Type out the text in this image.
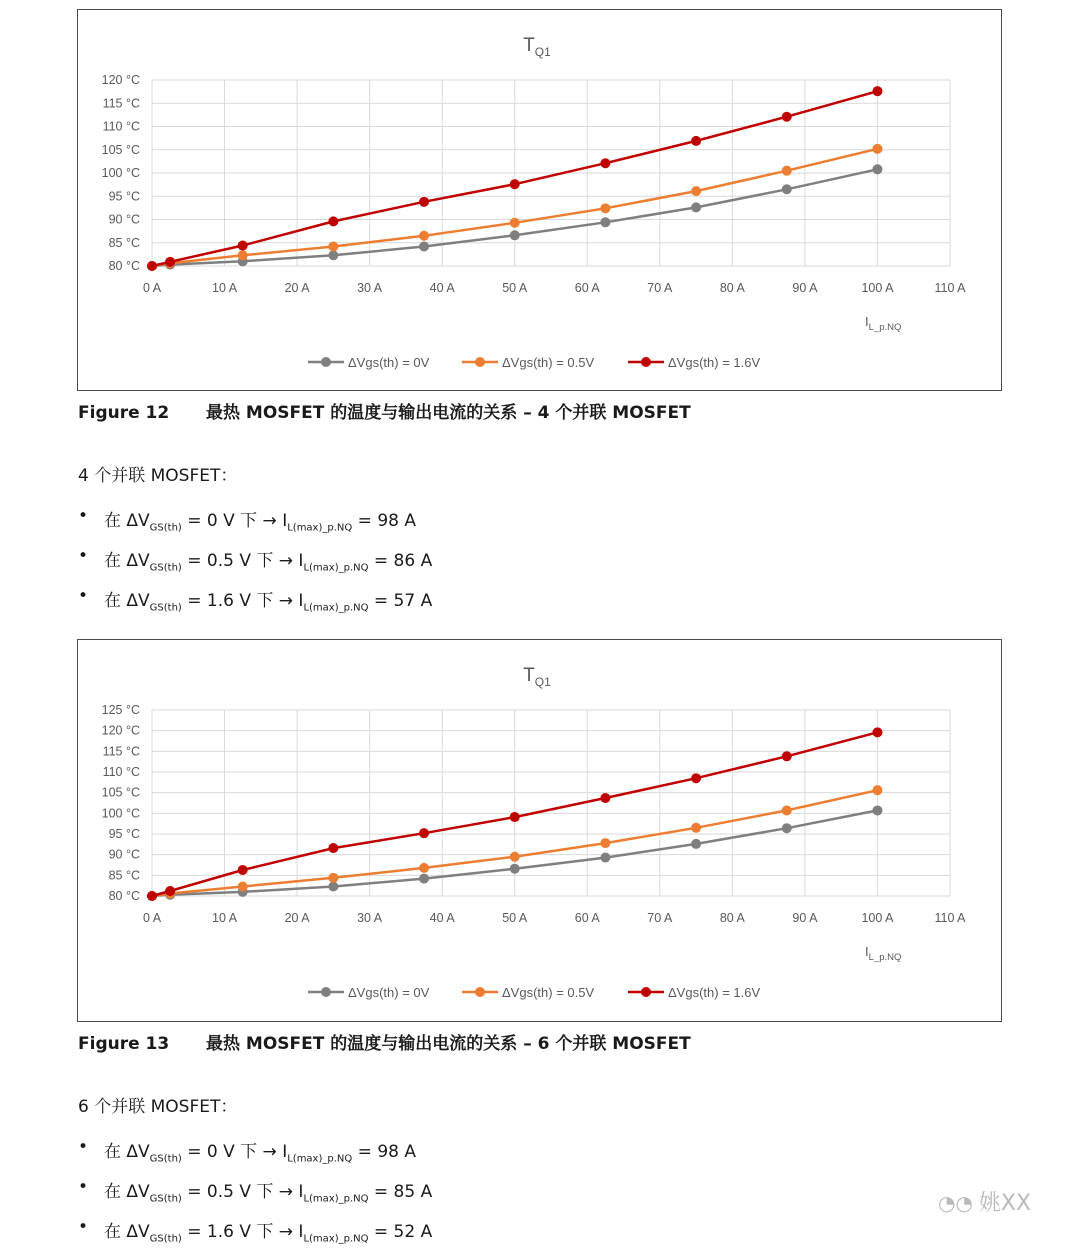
$T_{Q1}$
80 °C
85 °C
90 °C
95 °C
100 °C
105 °C
110 °C
115 °C
120 °C
0 A	10 A	20 A	30 A	40 A	50 A	60 A	70 A	80 A	90 A	100 A	110 A
$I_{L\_p.NQ}$
ΔVgs(th) = 0V	ΔVgs(th) = 0.5V	ΔVgs(th) = 1.6V
Figure 12 最热 MOSFET 的温度与输出电流的关系 – 4 个并联 MOSFET
4 个并联 MOSFET：
• 在 $\Delta V_{GS(th)} = 0$ V 下 → $I_{L(max)\_p.NQ} = 98$ A
• 在 $\Delta V_{GS(th)} = 0.5$ V 下 → $I_{L(max)\_p.NQ} = 86$ A
• 在 $\Delta V_{GS(th)} = 1.6$ V 下 → $I_{L(max)\_p.NQ} = 57$ A
$T_{Q1}$
80 °C
85 °C
90 °C
95 °C
100 °C
105 °C
110 °C
115 °C
120 °C
125 °C
0 A	10 A	20 A	30 A	40 A	50 A	60 A	70 A	80 A	90 A	100 A	110 A
$I_{L\_p.NQ}$
ΔVgs(th) = 0V	ΔVgs(th) = 0.5V	ΔVgs(th) = 1.6V
Figure 13 最热 MOSFET 的温度与输出电流的关系 – 6 个并联 MOSFET
6 个并联 MOSFET：
• 在 $\Delta V_{GS(th)} = 0$ V 下 → $I_{L(max)\_p.NQ} = 98$ A
• 在 $\Delta V_{GS(th)} = 0.5$ V 下 → $I_{L(max)\_p.NQ} = 85$ A
• 在 $\Delta V_{GS(th)} = 1.6$ V 下 → $I_{L(max)\_p.NQ} = 52$ A
◔◔ 姚XX
